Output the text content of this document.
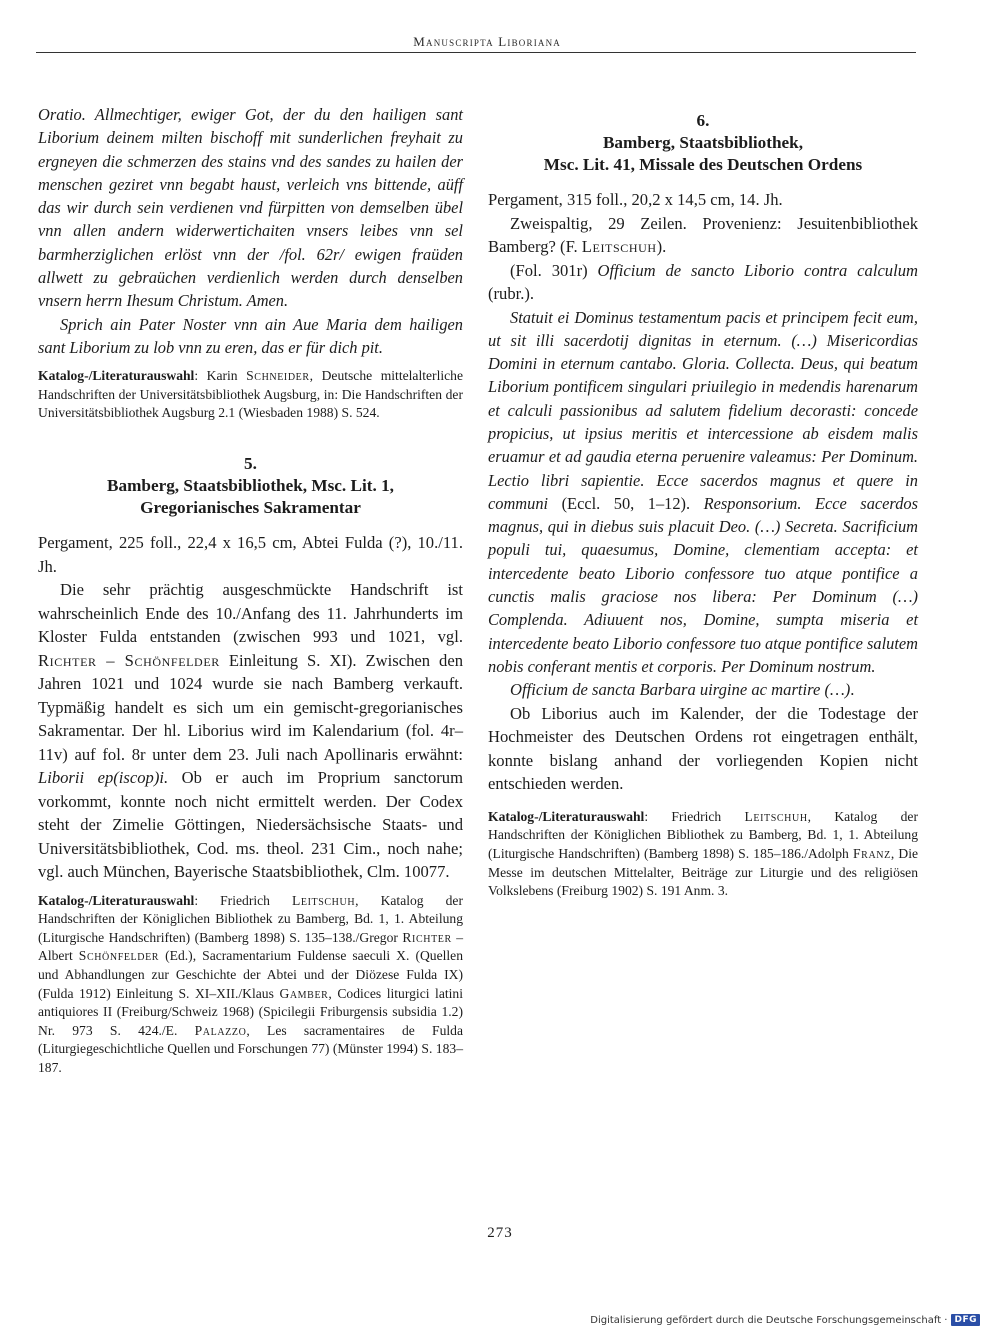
Manuscripta Liboriana

Oratio. Allmechtiger, ewiger Got, der du den hailigen sant Liborium deinem milten bischoff mit sunderlichen freyhait zu ergneyen die schmerzen des stains vnd des sandes zu hailen der menschen geziret vnn begabt haust, verleich vns bittende, aüff das wir durch sein verdienen vnd fürpitten von demselben übel vnn allen andern widerwertichaiten vnsers leibes vnn sel barmherziglichen erlöst vnn der /fol. 62r/ ewigen fraüden allwett zu gebraüchen verdienlich werden durch denselben vnsern herrn Ihesum Christum. Amen.

Sprich ain Pater Noster vnn ain Aue Maria dem hailigen sant Liborium zu lob vnn zu eren, das er für dich pit.

Katalog-/Literaturauswahl: Karin Schneider, Deutsche mittelalterliche Handschriften der Universitätsbibliothek Augsburg, in: Die Handschriften der Universitätsbibliothek Augsburg 2.1 (Wiesbaden 1988) S. 524.

5.
Bamberg, Staatsbibliothek, Msc. Lit. 1,
Gregorianisches Sakramentar

Pergament, 225 foll., 22,4 x 16,5 cm, Abtei Fulda (?), 10./11. Jh.

Die sehr prächtig ausgeschmückte Handschrift ist wahrscheinlich Ende des 10./Anfang des 11. Jahrhunderts im Kloster Fulda entstanden (zwischen 993 und 1021, vgl. Richter – Schönfelder Einleitung S. XI). Zwischen den Jahren 1021 und 1024 wurde sie nach Bamberg verkauft. Typmäßig handelt es sich um ein gemischt-gregorianisches Sakramentar. Der hl. Liborius wird im Kalendarium (fol. 4r–11v) auf fol. 8r unter dem 23. Juli nach Apollinaris erwähnt: Liborii ep(iscop)i. Ob er auch im Proprium sanctorum vorkommt, konnte noch nicht ermittelt werden. Der Codex steht der Zimelie Göttingen, Niedersächsische Staats- und Universitätsbibliothek, Cod. ms. theol. 231 Cim., noch nahe; vgl. auch München, Bayerische Staatsbibliothek, Clm. 10077.

Katalog-/Literaturauswahl: Friedrich Leitschuh, Katalog der Handschriften der Königlichen Bibliothek zu Bamberg, Bd. 1, 1. Abteilung (Liturgische Handschriften) (Bamberg 1898) S. 135–138./Gregor Richter – Albert Schönfelder (Ed.), Sacramentarium Fuldense saeculi X. (Quellen und Abhandlungen zur Geschichte der Abtei und der Diözese Fulda IX) (Fulda 1912) Einleitung S. XI–XII./Klaus Gamber, Codices liturgici latini antiquiores II (Freiburg/Schweiz 1968) (Spicilegii Friburgensis subsidia 1.2) Nr. 973 S. 424./E. Palazzo, Les sacramentaires de Fulda (Liturgiegeschichtliche Quellen und Forschungen 77) (Münster 1994) S. 183–187.

6.
Bamberg, Staatsbibliothek,
Msc. Lit. 41, Missale des Deutschen Ordens

Pergament, 315 foll., 20,2 x 14,5 cm, 14. Jh.

Zweispaltig, 29 Zeilen. Provenienz: Jesuitenbibliothek Bamberg? (F. Leitschuh).

(Fol. 301r) Officium de sancto Liborio contra calculum (rubr.).

Statuit ei Dominus testamentum pacis et principem fecit eum, ut sit illi sacerdotij dignitas in eternum. (…) Misericordias Domini in eternum cantabo. Gloria. Collecta. Deus, qui beatum Liborium pontificem singulari priuilegio in medendis harenarum et calculi passionibus ad salutem fidelium decorasti: concede propicius, ut ipsius meritis et intercessione ab eisdem malis eruamur et ad gaudia eterna peruenire valeamus: Per Dominum. Lectio libri sapientie. Ecce sacerdos magnus et quere in communi (Eccl. 50, 1–12). Responsorium. Ecce sacerdos magnus, qui in diebus suis placuit Deo. (…) Secreta. Sacrificium populi tui, quaesumus, Domine, clementiam accepta: et intercedente beato Liborio confessore tuo atque pontifice a cunctis malis graciose nos libera: Per Dominum (…) Complenda. Adiuuent nos, Domine, sumpta miseria et intercedente beato Liborio confessore tuo atque pontifice salutem nobis conferant mentis et corporis. Per Dominum nostrum.

Officium de sancta Barbara uirgine ac martire (…).

Ob Liborius auch im Kalender, der die Todestage der Hochmeister des Deutschen Ordens rot eingetragen enthält, konnte bislang anhand der vorliegenden Kopien nicht entschieden werden.

Katalog-/Literaturauswahl: Friedrich Leitschuh, Katalog der Handschriften der Königlichen Bibliothek zu Bamberg, Bd. 1, 1. Abteilung (Liturgische Handschriften) (Bamberg 1898) S. 185–186./Adolph Franz, Die Messe im deutschen Mittelalter, Beiträge zur Liturgie und des religiösen Volkslebens (Freiburg 1902) S. 191 Anm. 3.

273
Digitalisierung gefördert durch die Deutsche Forschungsgemeinschaft · DFG
